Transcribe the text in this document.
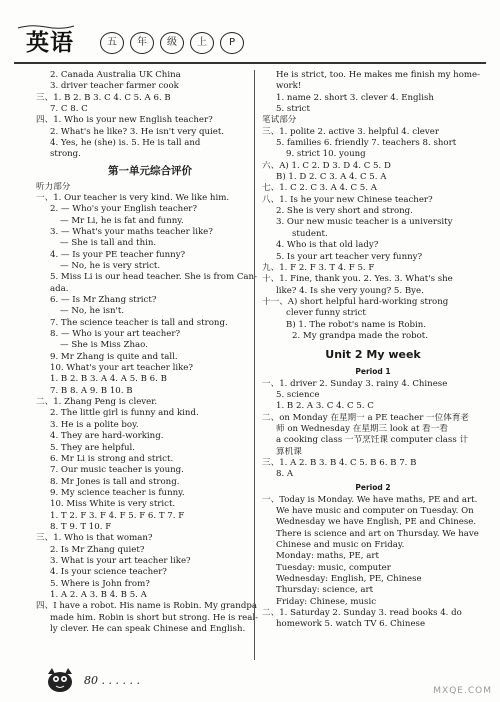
英语	五	年	级	上	P
2. Canada Australia UK China
3. driver teacher farmer cook
三、1. B 2. B 3. C 4. C 5. A 6. B
7. C 8. C
四、1. Who is your new English teacher?
2. What's he like? 3. He isn't very quiet.
4. Yes, he (she) is. 5. He is tall and
strong.
第一单元综合评价
听力部分
一、1. Our teacher is very kind. We like him.
2. — Who's your English teacher?
— Mr Li, he is fat and funny.
3. — What's your maths teacher like?
— She is tall and thin.
4. — Is your PE teacher funny?
— No, he is very strict.
5. Miss Li is our head teacher. She is from Can-
ada.
6. — Is Mr Zhang strict?
— No, he isn't.
7. The science teacher is tall and strong.
8. — Who is your art teacher?
— She is Miss Zhao.
9. Mr Zhang is quite and tall.
10. What's your art teacher like?
1. B 2. B 3. A 4. A 5. B 6. B
7. B 8. A 9. B 10. B
二、1. Zhang Peng is clever.
2. The little girl is funny and kind.
3. He is a polite boy.
4. They are hard-working.
5. They are helpful.
6. Mr Li is strong and strict.
7. Our music teacher is young.
8. Mr Jones is tall and strong.
9. My science teacher is funny.
10. Miss White is very strict.
1. T 2. F 3. F 4. F 5. F 6. T 7. F
8. T 9. T 10. F
三、1. Who is that woman?
2. Is Mr Zhang quiet?
3. What is your art teacher like?
4. Is your science teacher?
5. Where is John from?
1. A 2. A 3. B 4. B 5. A
四、I have a robot. His name is Robin. My grandpa
made him. Robin is short but strong. He is real-
ly clever. He can speak Chinese and English.
He is strict, too. He makes me finish my home-
work!
1. name 2. short 3. clever 4. English
5. strict
笔试部分
三、1. polite 2. active 3. helpful 4. clever
5. families 6. friendly 7. teachers 8. short
9. strict 10. young
六、A) 1. C 2. D 3. D 4. C 5. D
B) 1. D 2. C 3. A 4. C 5. A
七、1. C 2. C 3. A 4. C 5. A
八、1. Is he your new Chinese teacher?
2. She is very short and strong.
3. Our new music teacher is a university
student.
4. Who is that old lady?
5. Is your art teacher very funny?
九、1. F 2. F 3. T 4. F 5. F
十、1. Fine, thank you. 2. Yes. 3. What's she
like? 4. Is she very young? 5. Bye.
十一、A) short helpful hard-working strong
clever funny strict
B) 1. The robot's name is Robin.
2. My grandpa made the robot.
Unit 2 My week
Period 1
一、1. driver 2. Sunday 3. rainy 4. Chinese
5. science
1. B 2. A 3. C 4. C 5. C
二、on Monday 在星期一 a PE teacher 一位体育老
师 on Wednesday 在星期三 look at 看一看
a cooking class 一节烹饪课 computer class 计
算机课
三、1. A 2. B 3. B 4. C 5. B 6. B 7. B
8. A
Period 2
一、Today is Monday. We have maths, PE and art.
We have music and computer on Tuesday. On
Wednesday we have English, PE and Chinese.
There is science and art on Thursday. We have
Chinese and music on Friday.
Monday: maths, PE, art
Tuesday: music, computer
Wednesday: English, PE, Chinese
Thursday: science, art
Friday: Chinese, music
二、1. Saturday 2. Sunday 3. read books 4. do
homework 5. watch TV 6. Chinese
80 . . . . . .
MXQE.COM
